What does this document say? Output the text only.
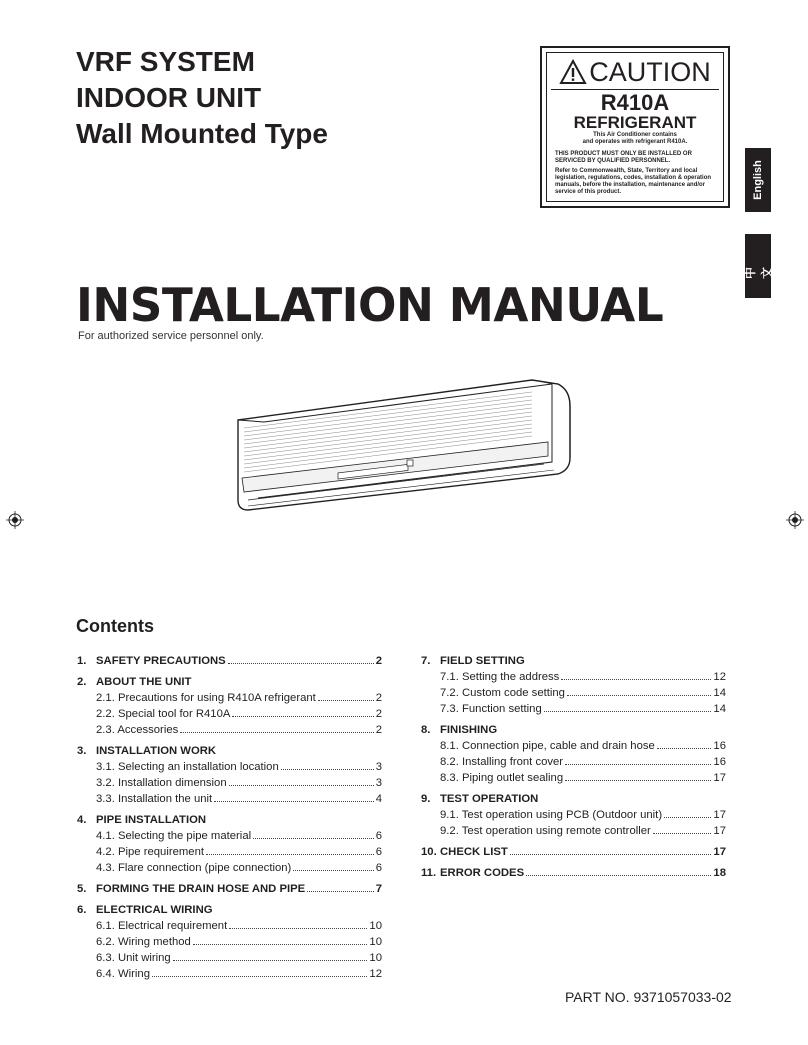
VRF SYSTEM
INDOOR UNIT
Wall Mounted Type
CAUTION
R410A
REFRIGERANT
This Air Conditioner contains
and operates with refrigerant R410A.
THIS PRODUCT MUST ONLY BE INSTALLED OR SERVICED BY QUALIFIED PERSONNEL.
Refer to Commonwealth, State, Territory and local legislation, regulations, codes, installation & operation manuals, before the installation, maintenance and/or service of this product.	English
中 文
INSTALLATION MANUAL
For authorized service personnel only.
Contents
1. SAFETY PRECAUTIONS	2
2. ABOUT THE UNIT
2.1. Precautions for using R410A refrigerant	2
2.2. Special tool for R410A	2
2.3. Accessories	2
3. INSTALLATION WORK
3.1. Selecting an installation location	3
3.2. Installation dimension	3
3.3. Installation the unit	4
4. PIPE INSTALLATION
4.1. Selecting the pipe material	6
4.2. Pipe requirement	6
4.3. Flare connection (pipe connection)	6
5. FORMING THE DRAIN HOSE AND PIPE	7
6. ELECTRICAL WIRING
6.1. Electrical requirement	10
6.2. Wiring method	10
6.3. Unit wiring	10
6.4. Wiring	12
7. FIELD SETTING
7.1. Setting the address	12
7.2. Custom code setting	14
7.3. Function setting	14
8. FINISHING
8.1. Connection pipe, cable and drain hose	16
8.2. Installing front cover	16
8.3. Piping outlet sealing	17
9. TEST OPERATION
9.1. Test operation using PCB (Outdoor unit)	17
9.2. Test operation using remote controller	17
10. CHECK LIST	17
11. ERROR CODES	18
PART NO. 9371057033-02
